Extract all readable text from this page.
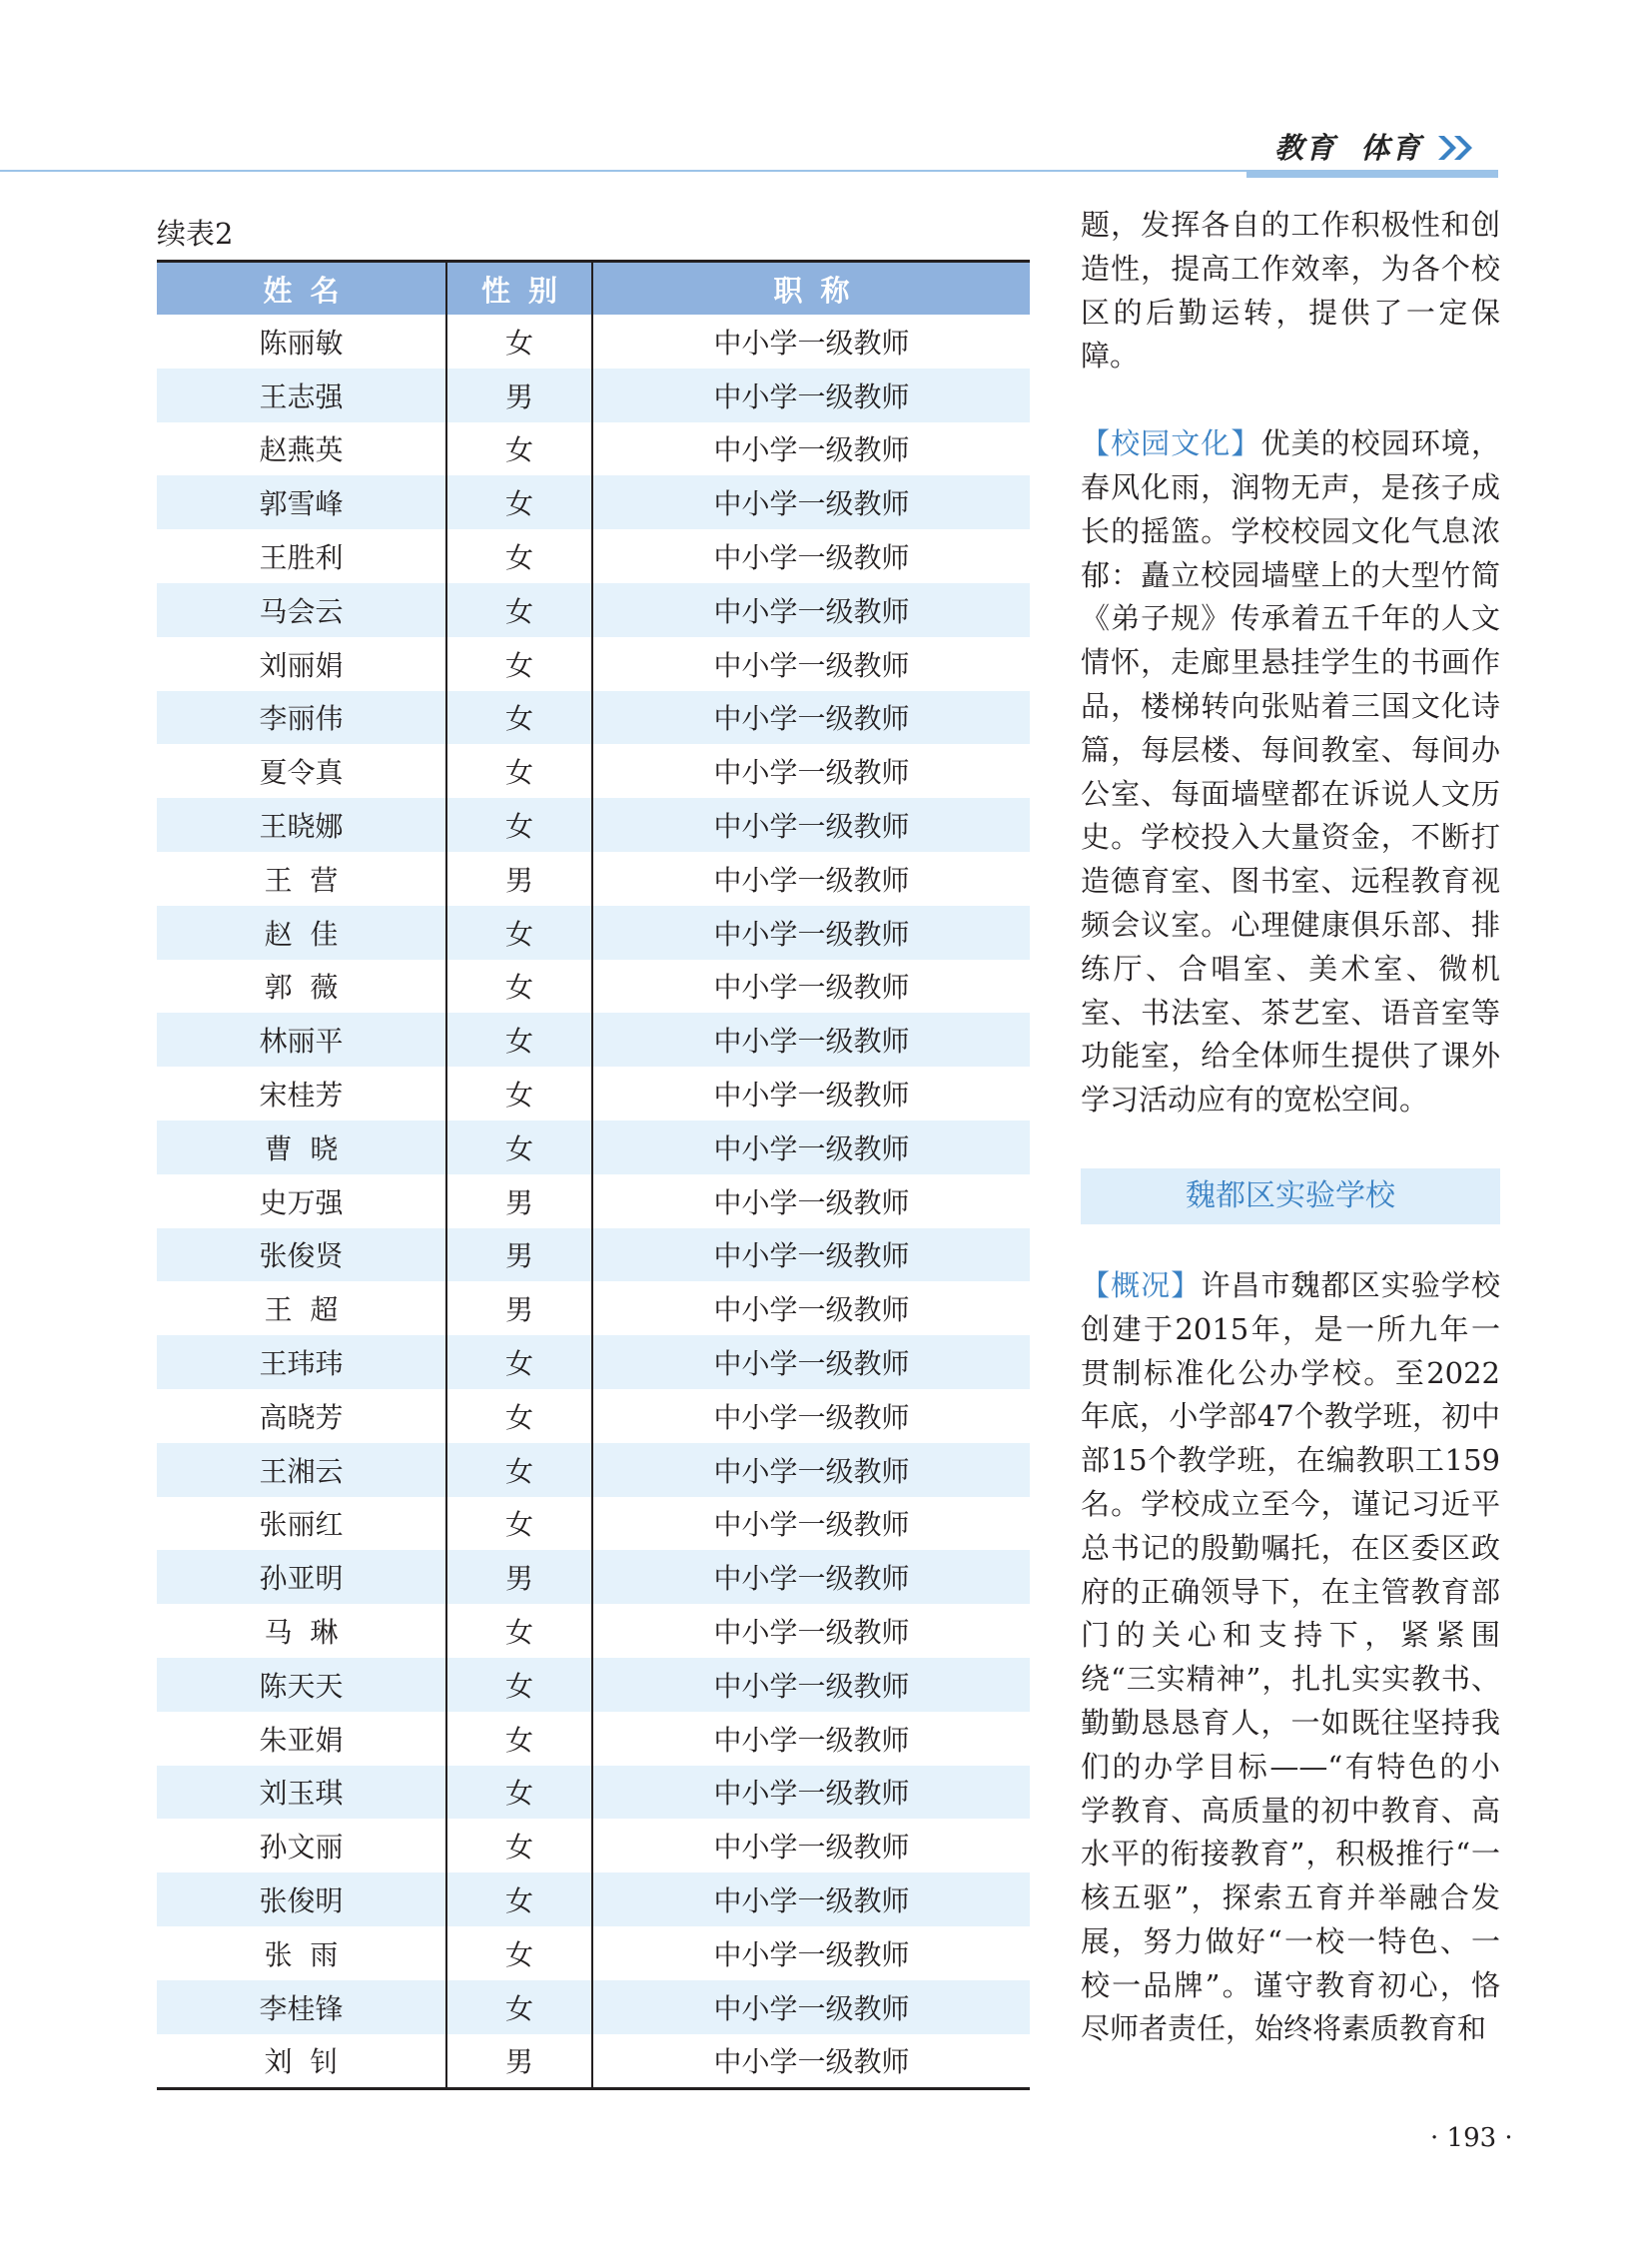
教育  体育
续表2
姓名	性别	职称
陈丽敏	女	中小学一级教师
王志强	男	中小学一级教师
赵燕英	女	中小学一级教师
郭雪峰	女	中小学一级教师
王胜利	女	中小学一级教师
马会云	女	中小学一级教师
刘丽娟	女	中小学一级教师
李丽伟	女	中小学一级教师
夏令真	女	中小学一级教师
王晓娜	女	中小学一级教师
王  营	男	中小学一级教师
赵  佳	女	中小学一级教师
郭  薇	女	中小学一级教师
林丽平	女	中小学一级教师
宋桂芳	女	中小学一级教师
曹  晓	女	中小学一级教师
史万强	男	中小学一级教师
张俊贤	男	中小学一级教师
王  超	男	中小学一级教师
王玮玮	女	中小学一级教师
高晓芳	女	中小学一级教师
王湘云	女	中小学一级教师
张丽红	女	中小学一级教师
孙亚明	男	中小学一级教师
马  琳	女	中小学一级教师
陈天天	女	中小学一级教师
朱亚娟	女	中小学一级教师
刘玉琪	女	中小学一级教师
孙文丽	女	中小学一级教师
张俊明	女	中小学一级教师
张  雨	女	中小学一级教师
李桂锋	女	中小学一级教师
刘  钊	男	中小学一级教师

题，发挥各自的工作积极性和创造性，提高工作效率，为各个校区的后勤运转，提供了一定保障。

【校园文化】优美的校园环境，春风化雨，润物无声，是孩子成长的摇篮。学校校园文化气息浓郁：矗立校园墙壁上的大型竹简《弟子规》传承着五千年的人文情怀，走廊里悬挂学生的书画作品，楼梯转向张贴着三国文化诗篇，每层楼、每间教室、每间办公室、每面墙壁都在诉说人文历史。学校投入大量资金，不断打造德育室、图书室、远程教育视频会议室。心理健康俱乐部、排练厅、合唱室、美术室、微机室、书法室、茶艺室、语音室等功能室，给全体师生提供了课外学习活动应有的宽松空间。

魏都区实验学校

【概况】许昌市魏都区实验学校创建于2015年，是一所九年一贯制标准化公办学校。至2022年底，小学部47个教学班，初中部15个教学班，在编教职工159名。学校成立至今，谨记习近平总书记的殷勤嘱托，在区委区政府的正确领导下，在主管教育部门的关心和支持下，紧紧围绕“三实精神”，扎扎实实教书、勤勤恳恳育人，一如既往坚持我们的办学目标——“有特色的小学教育、高质量的初中教育、高水平的衔接教育”，积极推行“一核五驱”，探索五育并举融合发展，努力做好“一校一特色、一校一品牌”。谨守教育初心，恪尽师者责任，始终将素质教育和

· 193 ·
